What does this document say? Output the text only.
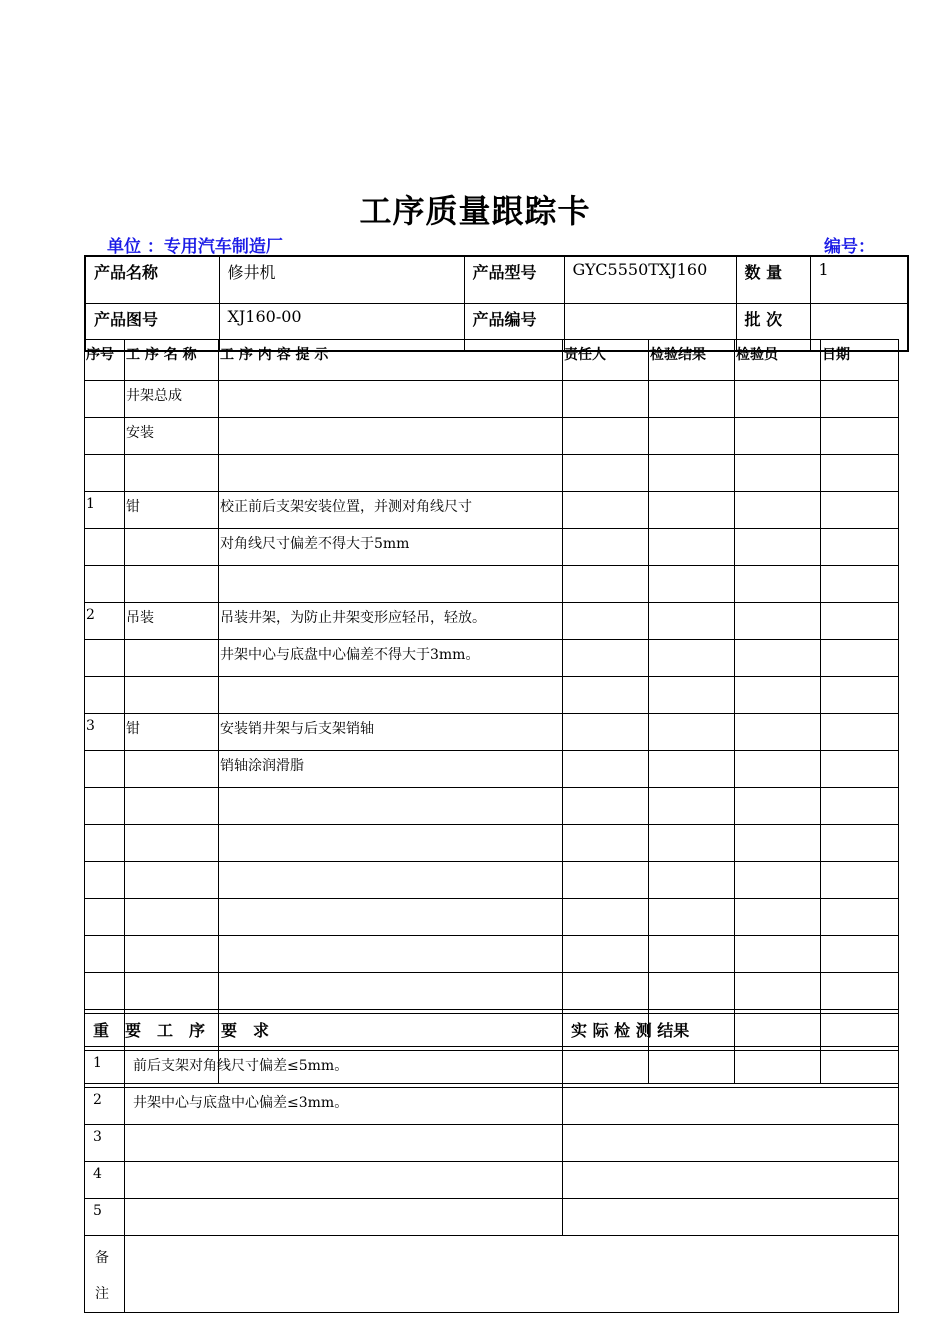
工序质量跟踪卡
单位 ：专用汽车制造厂	编号：
产品名称	修井机	产品型号	GYC5550TXJ160	数 量	1
产品图号	XJ160-00	产品编号		批 次	
序号	工 序 名 称	工 序 内 容 提 示	责任人	检验结果	检验员	日期
	井架总成					
	安装					

1	钳	校正前后支架安装位置，并测对角线尺寸				
		对角线尺寸偏差不得大于5mm				

2	吊装	吊装井架，为防止井架变形应轻吊，轻放。				
		井架中心与底盘中心偏差不得大于3mm。				

3	钳	安装销井架与后支架销轴				
		销轴涂润滑脂				

重　要　工　序　要　求		实 际 检 测 结果
1	前后支架对角线尺寸偏差≤5mm。	
2	井架中心与底盘中心偏差≤3mm。	
3		
4		
5		

备
注		
